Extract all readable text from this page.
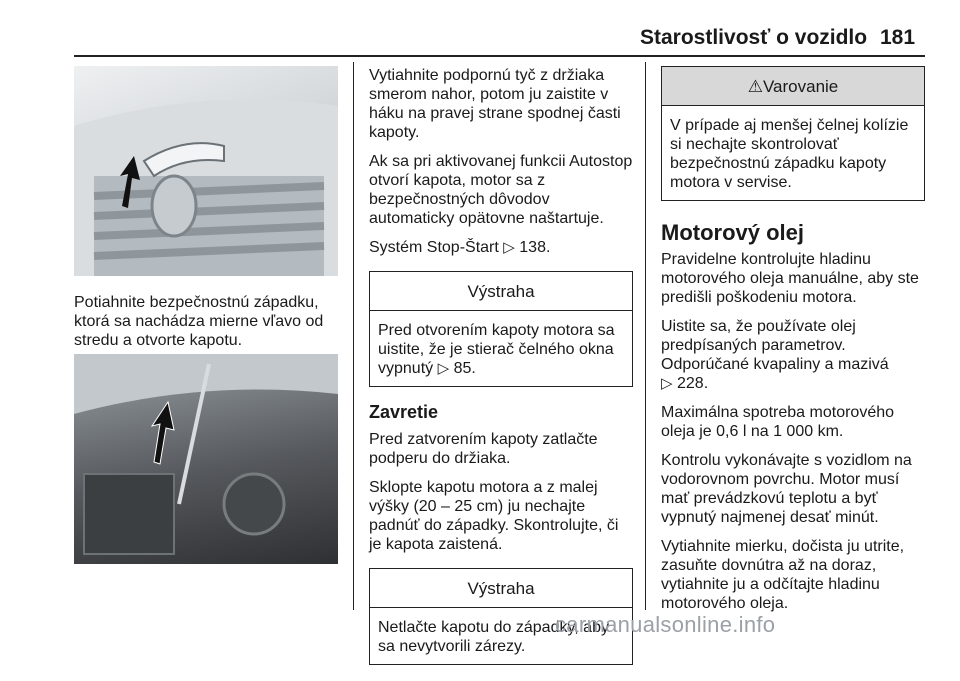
Starostlivosť o vozidlo 181

Potiahnite bezpečnostnú západku, ktorá sa nachádza mierne vľavo od stredu a otvorte kapotu.

Vytiahnite podpornú tyč z držiaka smerom nahor, potom ju zaistite v háku na pravej strane spodnej časti kapoty.

Ak sa pri aktivovanej funkcii Autostop otvorí kapota, motor sa z bezpečnostných dôvodov automaticky opätovne naštartuje.

Systém Stop-Štart ▷ 138.

Výstraha
Pred otvorením kapoty motora sa uistite, že je stierač čelného okna vypnutý ▷ 85.
Zavretie

Pred zatvorením kapoty zatlačte podperu do držiaka.

Sklopte kapotu motora a z malej výšky (20 – 25 cm) ju nechajte padnúť do západky. Skontrolujte, či je kapota zaistená.

Výstraha
Netlačte kapotu do západky, aby sa nevytvorili zárezy.
⚠Varovanie
V prípade aj menšej čelnej kolízie si nechajte skontrolovať bezpečnostnú západku kapoty motora v servise.
Motorový olej

Pravidelne kontrolujte hladinu motorového oleja manuálne, aby ste predišli poškodeniu motora.

Uistite sa, že používate olej predpísaných parametrov.
Odporúčané kvapaliny a mazivá
▷ 228.

Maximálna spotreba motorového oleja je 0,6 l na 1 000 km.

Kontrolu vykonávajte s vozidlom na vodorovnom povrchu. Motor musí mať prevádzkovú teplotu a byť vypnutý najmenej desať minút.

Vytiahnite mierku, dočista ju utrite, zasuňte dovnútra až na doraz, vytiahnite ju a odčítajte hladinu motorového oleja.

carmanualsonline.info
